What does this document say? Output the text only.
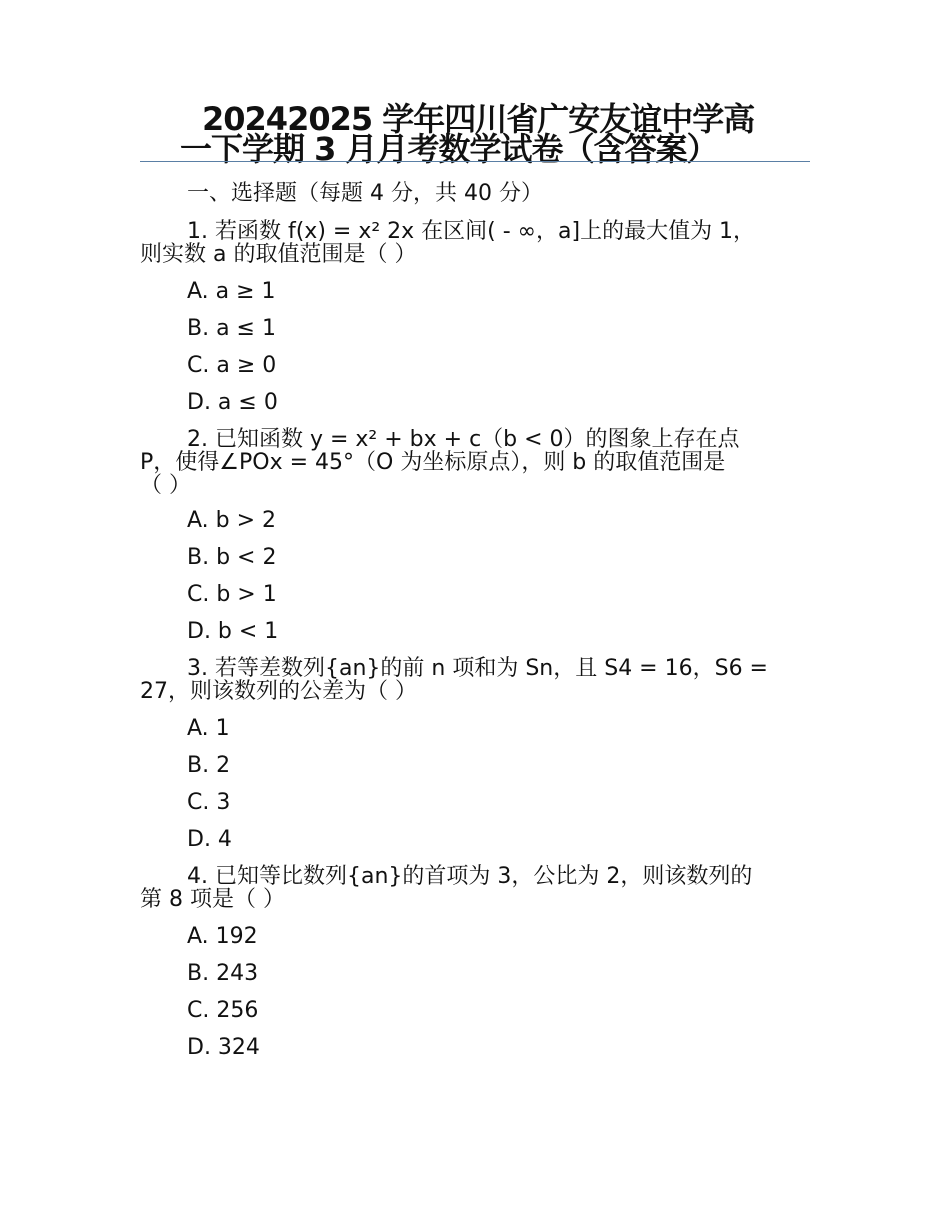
20242025 学年四川省广安友谊中学高
一下学期 3 月月考数学试卷（含答案）
一、选择题（每题 4 分，共 40 分）
1. 若函数 f(x) = x² 2x 在区间( - ∞，a]上的最大值为 1，
则实数 a 的取值范围是（ ）
A. a ≥ 1
B. a ≤ 1
C. a ≥ 0
D. a ≤ 0
2. 已知函数 y = x² + bx + c（b < 0）的图象上存在点
P，使得∠POx = 45°（O 为坐标原点），则 b 的取值范围是
（ ）
A. b > 2
B. b < 2
C. b > 1
D. b < 1
3. 若等差数列{an}的前 n 项和为 Sn，且 S4 = 16，S6 =
27，则该数列的公差为（ ）
A. 1
B. 2
C. 3
D. 4
4. 已知等比数列{an}的首项为 3，公比为 2，则该数列的
第 8 项是（ ）
A. 192
B. 243
C. 256
D. 324
